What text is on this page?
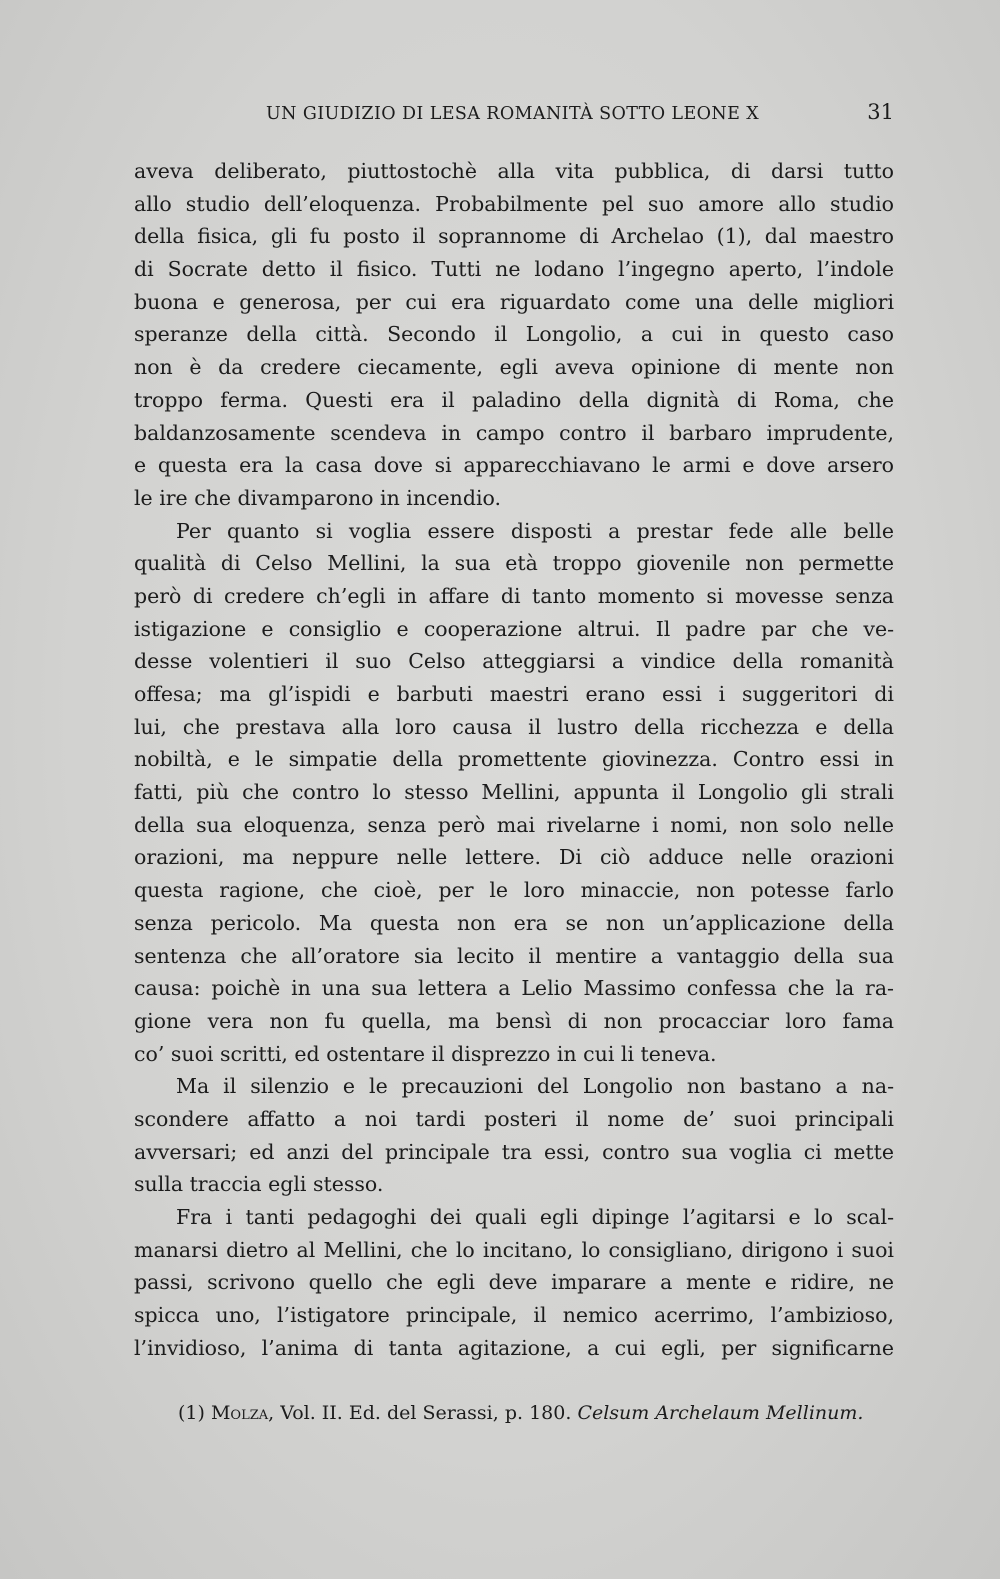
UN GIUDIZIO DI LESA ROMANITÀ SOTTO LEONE X	31
aveva deliberato, piuttostochè alla vita pubblica, di darsi tutto
allo studio dell’eloquenza. Probabilmente pel suo amore allo studio
della fisica, gli fu posto il soprannome di Archelao (1), dal maestro
di Socrate detto il fisico. Tutti ne lodano l’ingegno aperto, l’indole
buona e generosa, per cui era riguardato come una delle migliori
speranze della città. Secondo il Longolio, a cui in questo caso
non è da credere ciecamente, egli aveva opinione di mente non
troppo ferma. Questi era il paladino della dignità di Roma, che
baldanzosamente scendeva in campo contro il barbaro imprudente,
e questa era la casa dove si apparecchiavano le armi e dove arsero
le ire che divamparono in incendio.
Per quanto si voglia essere disposti a prestar fede alle belle
qualità di Celso Mellini, la sua età troppo giovenile non permette
però di credere ch’egli in affare di tanto momento si movesse senza
istigazione e consiglio e cooperazione altrui. Il padre par che ve-
desse volentieri il suo Celso atteggiarsi a vindice della romanità
offesa; ma gl’ispidi e barbuti maestri erano essi i suggeritori di
lui, che prestava alla loro causa il lustro della ricchezza e della
nobiltà, e le simpatie della promettente giovinezza. Contro essi in
fatti, più che contro lo stesso Mellini, appunta il Longolio gli strali
della sua eloquenza, senza però mai rivelarne i nomi, non solo nelle
orazioni, ma neppure nelle lettere. Di ciò adduce nelle orazioni
questa ragione, che cioè, per le loro minaccie, non potesse farlo
senza pericolo. Ma questa non era se non un’applicazione della
sentenza che all’oratore sia lecito il mentire a vantaggio della sua
causa: poichè in una sua lettera a Lelio Massimo confessa che la ra-
gione vera non fu quella, ma bensì di non procacciar loro fama
co’ suoi scritti, ed ostentare il disprezzo in cui li teneva.
Ma il silenzio e le precauzioni del Longolio non bastano a na-
scondere affatto a noi tardi posteri il nome de’ suoi principali
avversari; ed anzi del principale tra essi, contro sua voglia ci mette
sulla traccia egli stesso.
Fra i tanti pedagoghi dei quali egli dipinge l’agitarsi e lo scal-
manarsi dietro al Mellini, che lo incitano, lo consigliano, dirigono i suoi
passi, scrivono quello che egli deve imparare a mente e ridire, ne
spicca uno, l’istigatore principale, il nemico acerrimo, l’ambizioso,
l’invidioso, l’anima di tanta agitazione, a cui egli, per significarne
(1) Molza, Vol. II. Ed. del Serassi, p. 180. Celsum Archelaum Mellinum.
